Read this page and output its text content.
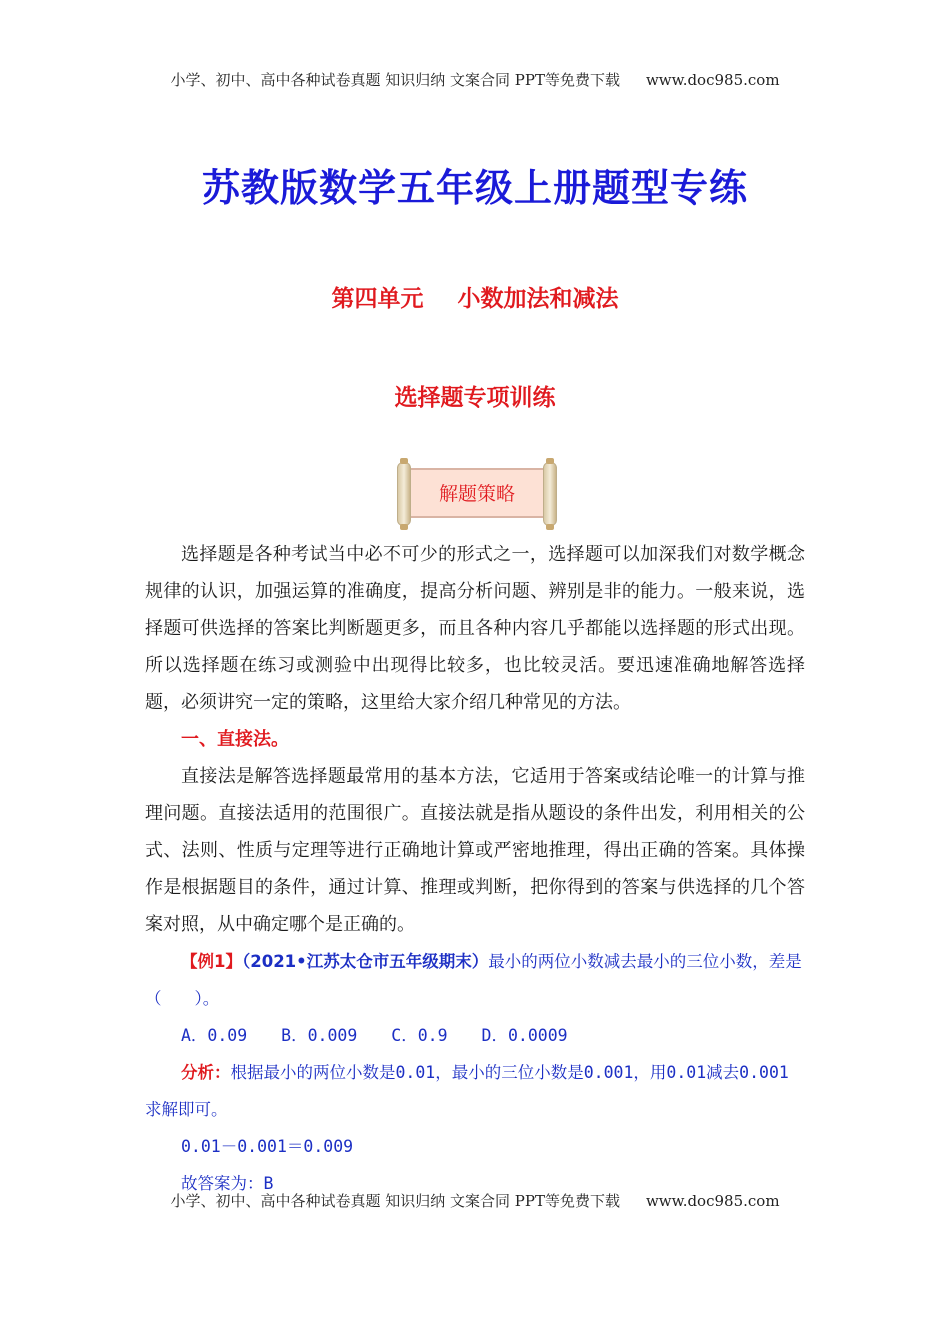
小学、初中、高中各种试卷真题 知识归纳 文案合同 PPT等免费下载 www.doc985.com
苏教版数学五年级上册题型专练
第四单元 小数加法和减法
选择题专项训练
解题策略

选择题是各种考试当中必不可少的形式之一，选择题可以加深我们对数学概念规律的认识，加强运算的准确度，提高分析问题、辨别是非的能力。一般来说，选择题可供选择的答案比判断题更多，而且各种内容几乎都能以选择题的形式出现。所以选择题在练习或测验中出现得比较多，也比较灵活。要迅速准确地解答选择题，必须讲究一定的策略，这里给大家介绍几种常见的方法。

一、直接法。

直接法是解答选择题最常用的基本方法，它适用于答案或结论唯一的计算与推理问题。直接法适用的范围很广。直接法就是指从题设的条件出发，利用相关的公式、法则、性质与定理等进行正确地计算或严密地推理，得出正确的答案。具体操作是根据题目的条件，通过计算、推理或判断，把你得到的答案与供选择的几个答案对照，从中确定哪个是正确的。

【例1】（2021•江苏太仓市五年级期末）最小的两位小数减去最小的三位小数，差是（　　）。

A．0.09 B．0.009 C．0.9 D．0.0009

分析：根据最小的两位小数是0.01，最小的三位小数是0.001，用0.01减去0.001求解即可。

0.01－0.001＝0.009

故答案为：B

小学、初中、高中各种试卷真题 知识归纳 文案合同 PPT等免费下载 www.doc985.com
